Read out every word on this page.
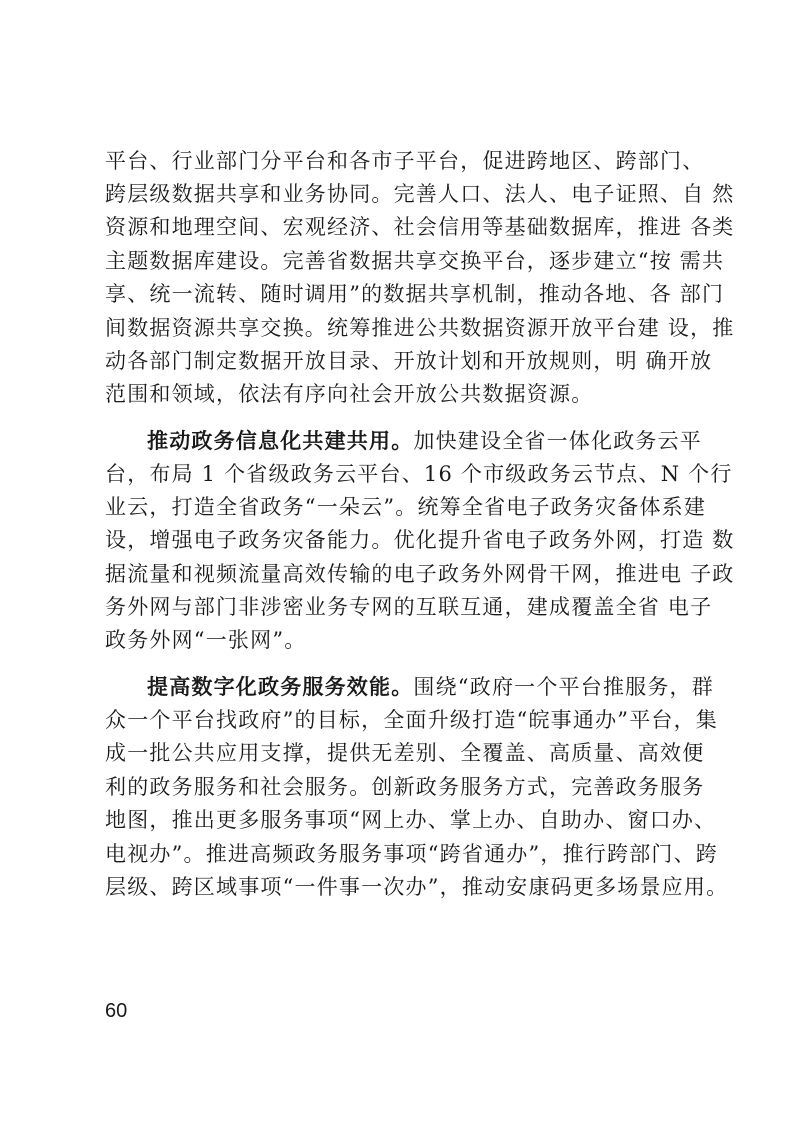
平台、行业部门分平台和各市子平台，促进跨地区、跨部门、
跨层级数据共享和业务协同。完善人口、法人、电子证照、自 然
资源和地理空间、宏观经济、社会信用等基础数据库，推进 各类
主题数据库建设。完善省数据共享交换平台，逐步建立“按 需共
享、统一流转、随时调用”的数据共享机制，推动各地、各 部门
间数据资源共享交换。统筹推进公共数据资源开放平台建 设，推
动各部门制定数据开放目录、开放计划和开放规则，明 确开放
范围和领域，依法有序向社会开放公共数据资源。
推动政务信息化共建共用。加快建设全省一体化政务云平
台，布局 1 个省级政务云平台、16 个市级政务云节点、N 个行
业云，打造全省政务“一朵云”。统筹全省电子政务灾备体系建
设，增强电子政务灾备能力。优化提升省电子政务外网，打造 数
据流量和视频流量高效传输的电子政务外网骨干网，推进电 子政
务外网与部门非涉密业务专网的互联互通，建成覆盖全省 电子
政务外网“一张网”。
提高数字化政务服务效能。围绕“政府一个平台推服务，群
众一个平台找政府”的目标，全面升级打造“皖事通办”平台，集
成一批公共应用支撑，提供无差别、全覆盖、高质量、高效便
利的政务服务和社会服务。创新政务服务方式，完善政务服务
地图，推出更多服务事项“网上办、掌上办、自助办、窗口办、
电视办”。推进高频政务服务事项“跨省通办”，推行跨部门、跨
层级、跨区域事项“一件事一次办”，推动安康码更多场景应用。
60
